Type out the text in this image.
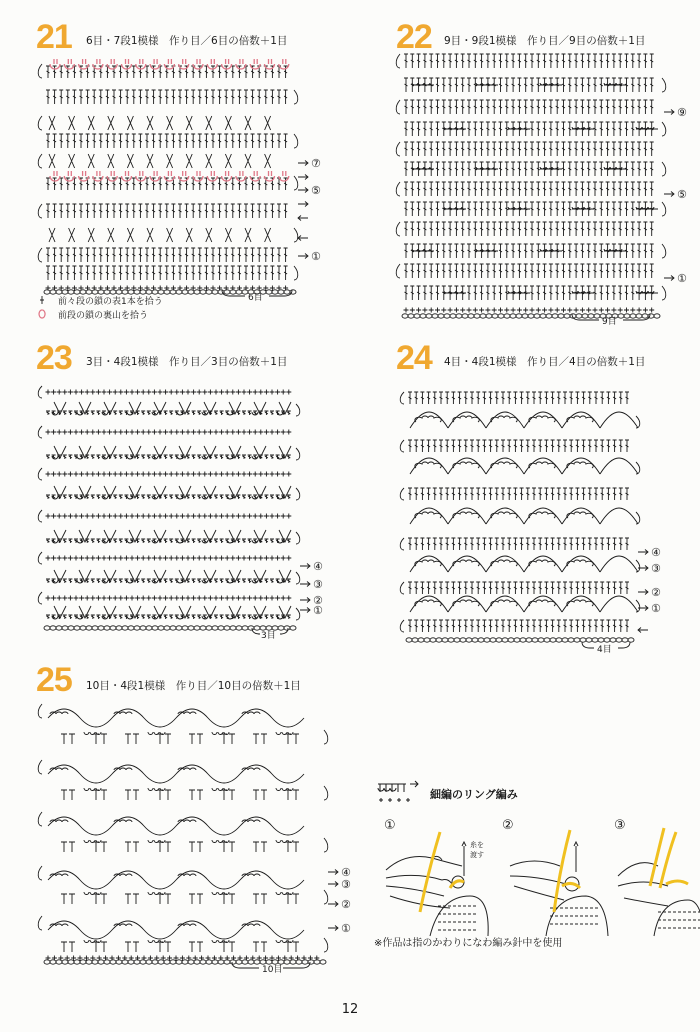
21 6目・7段1模様　作り目／6目の倍数＋1目
⑦
⑤
①
6目
前々段の鎖の表1本を拾う
前段の鎖の裏山を拾う
22 9目・9段1模様　作り目／9目の倍数＋1目
⑨
⑤
①
9目
23 3目・4段1模様　作り目／3目の倍数＋1目
④
③
②
①
3目
24 4目・4段1模様　作り目／4目の倍数＋1目
④
③
②
①
4目
25 10目・4段1模様　作り目／10目の倍数＋1目
④
③
②
①
10目
細編のリング編み
①	②	③
糸を渡す
※作品は指のかわりになわ編み針中を使用
12
